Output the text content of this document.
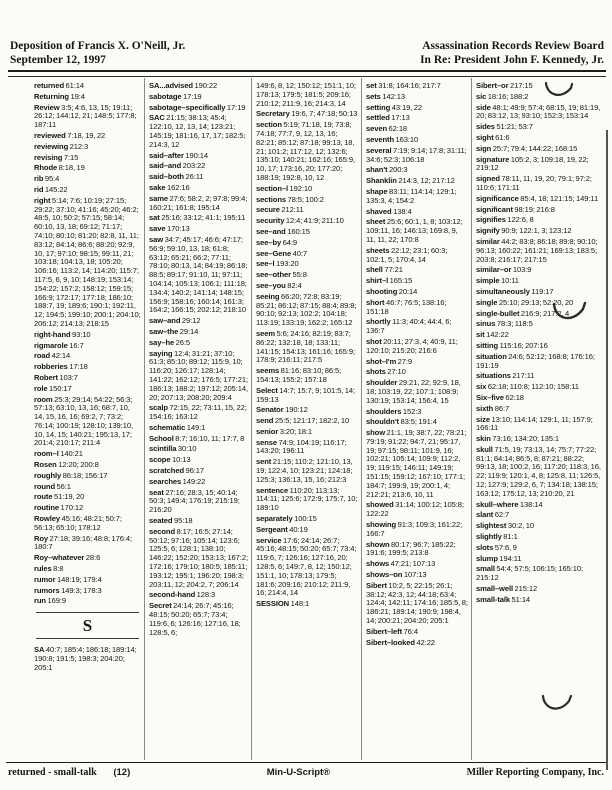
Deposition of Francis X. O'Neill, Jr.
September 12, 1997
Assassination Records Review Board
In Re: President John F. Kennedy, Jr.

returned 61:14

Returning 19:4

Review 3:5; 4:6, 13, 15; 19:11; 26:12; 144:12, 21; 148:5; 177:8; 187:11

reviewed 7:18, 19, 22

reviewing 212:3

revising 7:15

Rhode 8:18, 19

rib 95:4

rid 145:22

right 5:14; 7:6; 10:19; 27:15; 29:22; 37:10; 41:16; 45:20; 46:2; 48:5, 10; 50:2; 57:15; 58:14; 60:10, 13, 18; 69:12; 71:17; 74:10; 80:10; 81:20; 82:8, 11, 11; 83:12; 84:14; 86:6; 88:20; 92:9, 10, 17; 97:10; 98:15; 99:11, 21; 103:18; 104:13, 18; 105:20; 106:16; 113:2, 14; 114:20; 115:7; 117:5, 6, 9, 10; 148:19; 153:14; 154:22; 157:2; 158:12; 159:15; 166:9; 172:17; 177:18; 186:10; 188:7, 19; 189:6; 190:1; 192:11, 12; 194:5; 199:10; 200:1; 204:10; 206:12; 214:13; 218:15

right-hand 93:10

rigmarole 16:7

road 42:14

robberies 17:18

Robert 103:7

role 150:17

room 25:3; 29:14; 54:22; 56:3; 57:13; 63:10, 13, 16; 68:7, 10, 14, 15, 16, 16; 69:2, 7; 73:2; 76:14; 100:19; 128:10; 139:10, 10, 14, 15; 140:21; 195:13, 17; 201:4; 210:17; 211:4

room–l 140:21

Rosen 12:20; 200:8

roughly 86:18; 156:17

round 56:1

route 51:19, 20

routine 170:12

Rowley 45:16; 48:21; 50:7; 56:13; 65:10; 178:12

Roy 27:18; 39:16; 48:8; 176:4; 180:7

Roy–whatever 28:6

rules 8:8

rumor 148:19; 179:4

rumors 149:3; 178:3

run 169:9

S

SA 40:7; 185:4; 186:18; 189:14; 190:8; 191:5; 198:3; 204:20; 205:1

SA...advised 190:22

sabotage 17:19

sabotage–specifically 17:19

SAC 21:15; 38:13; 45:4; 122:10, 12, 13, 14; 123:21; 145:19; 181:16, 17, 17; 182:5; 214:3, 12

said–after 190:14

said–and 203:22

said–both 26:11

sake 162:16

same 27:6; 58:2, 2; 97:8; 99:4; 160:21; 161:8; 195:14

sat 25:16; 33:12; 41:1; 195:11

save 170:13

saw 34:7; 45:17; 46:6; 47:17; 56:9; 59:10, 13, 18; 61:8; 63:12; 65:21; 66:2; 77:11; 78:10; 80:13, 14; 84:19; 86:18; 88:5; 89:17; 91:10, 11; 97:11; 104:14; 105:13; 106:1; 111:18; 134:4; 140:2; 141:14; 148:15; 156:9; 158:16; 160:14; 161:3; 164:2; 166:15; 202:12; 218:10

saw–and 29:12

saw–the 29:14

say–he 26:5

saying 12:4; 31:21; 37:10; 61:3; 85:10; 89:12; 115:9, 10; 116:20; 126:17; 128:14; 141:22; 162:12; 176:5; 177:21; 186:13; 188:2; 197:12; 205:14, 20; 207:13; 208:20; 209:4

scalp 72:15, 22; 73:11, 15, 22; 154:16; 163:12

schematic 149:1

School 8:7; 16:10, 11; 17:7, 8

scintilla 30:10

scope 10:13

scratched 96:17

searches 149:22

seat 27:16; 28:3, 15; 40:14; 50:3; 149:4; 176:19; 215:19; 216:20

seated 95:18

second 8:17; 16:5; 27:14; 50:12; 97:16; 105:14; 123:6; 125:5, 6; 128:1; 138:10; 146:22; 152:20; 153:13; 167:2; 172:16; 179:10; 180:5; 185:11; 193:12; 195:1; 196:20; 198:3; 203:11, 12; 204:2, 7; 206:14

second-hand 128:3

Secret 24:14; 26:7; 45:16; 48:15; 50:20; 65:7; 73:4; 119:6, 6; 126:16; 127:16, 18; 128:5, 6;

149:6, 8, 12; 150:12; 151:1, 10; 178:13; 179:5; 181:5; 209:16; 210:12; 211:9, 16; 214:3, 14

Secretary 19:6, 7; 47:18; 50:13

section 5:19; 71:18, 19; 73:8; 74:18; 77:7, 9, 12, 13, 16; 82:21; 85:12; 87:18; 99:13, 18, 21; 101:2; 117:12, 12; 132:6; 135:10; 140:21; 162:16; 165:9, 10, 17; 173:16, 20; 177:20; 188:19; 192:8, 10, 12

section–l 192:10

sections 78:5; 100:2

secure 212:11

security 12:4; 41:9; 211:10

see–and 160:15

see–by 64:9

see–Gene 40:7

see–l 193:20

see–other 55:8

see–you 82:4

seeing 66:20; 72:8; 83:19; 85:21; 86:12; 87:15; 88:4; 89:8; 90:10; 92:13; 102:2; 104:18; 113:19; 133:19; 162:2; 165:12

seem 5:6; 24:16; 82:19; 83:7; 86:22; 132:18, 18; 133:11; 141:15; 154:13; 161:16; 165:9; 178:9; 216:11; 217:5

seems 81:16; 83:10; 86:5; 154:13; 155:2; 157:18

Select 14:7; 15:7, 9; 101:5, 14; 159:13

Senator 190:12

send 25:5; 121:17; 182:2, 10

senior 3:20; 18:1

sense 74:9; 104:19; 116:17; 143:20; 196:11

sent 21:15; 110:2; 121:10, 13, 19; 122:4, 10; 123:21; 124:18; 125:3; 136:13, 15, 16; 212:3

sentence 110:20; 113:13; 114:11; 125:6; 172:9; 175:7, 10; 189:10

separately 100:15

Sergeant 40:19

service 17:6; 24:14; 26:7; 45:16; 48:15; 50:20; 65:7; 73:4; 119:6, 7; 126:16; 127:16, 20; 128:5, 6; 149:7, 8, 12; 150:12; 151:1, 10; 178:13; 179:5; 181:6; 209:16; 210:12; 211:9, 16; 214:4, 14

SESSION 148:1

set 31:8; 164:16; 217:7

sets 142:13

setting 43:19, 22

settled 17:13

seven 62:18

seventh 163:10

several 7:19; 9:14; 17:8; 31:11; 34:6; 52:3; 106:18

shan't 200:3

Shanklin 214:3, 12; 217:12

shape 83:11; 114:14; 129:1; 135:3, 4; 154:2

shaved 138:4

sheet 25:6; 60:1, 1, 8; 103:12; 109:11, 16; 146:13; 169:8, 9, 11, 11, 22; 170:8

sheets 22:12; 23:1; 60:3; 102:1, 5; 170:4, 14

shell 77:21

shirt–l 165:15

shooting 20:14

short 46:7; 76:5; 138:16; 151:18

shortly 11:3; 40:4; 44:4, 6; 136:7

shot 20:11; 27:3, 4; 40:9, 11; 120:10; 215:20; 216:6

shot–I'm 27:9

shots 27:10

shoulder 29:21, 22; 92:9, 18, 18; 103:19, 22; 107:1; 108:9; 130:19; 153:14; 156:4, 15

shoulders 152:3

shouldn't 83:5; 191:4

show 21:1, 19; 38:7, 22; 78:21; 79:19; 91:22; 94:7, 21; 95:17, 19; 97:15; 98:11; 101:9, 16; 102:21; 105:14; 109:9; 112:2, 19; 119:15; 146:11; 149:19; 151:15; 159:12; 167:10; 177:1; 184:7; 199:9, 19; 200:1, 4; 212:21; 213:6, 10, 11

showed 31:14; 100:12; 105:8; 122:22

showing 91:3; 109:3; 161:22; 166:7

shown 80:17; 96:7; 185:22; 191:6; 199:5; 213:8

shows 47:21; 107:13

shows–on 107:13

Sibert 10:2, 5; 22:15; 26:1; 38:12; 42:3, 12; 44:18; 63:4; 124:4; 142:11; 174:16; 185:5, 8; 186:21; 189:14; 190:9; 198:4, 14; 200:21; 204:20; 205:1

Sibert–left 76:4

Sibert–looked 42:22

Sibert–or 217:15

sic 18:16; 188:2

side 48:1; 49:9; 57:4; 68:15, 19; 81:19, 20; 83:12, 13; 93:10; 152:3; 153:14

sides 51:21; 53:7

sight 61:6

sign 25:7; 79:4; 144:22; 168:15

signature 105:2, 3; 109:18, 19, 22; 219:12

signed 78:11, 11, 19, 20; 79:1; 97:2; 110:6; 171:11

significance 85:4, 18; 121:15; 149:11

significant 98:19; 216:8

signifies 122:6, 8

signify 90:9; 122:1, 3; 123:12

similar 44:2; 83:8; 86:18; 89:8; 90:10; 96:13; 160:22; 161:21; 169:13; 183:5; 203:8; 216:17; 217:15

similar–or 103:9

simple 10:11

simultaneously 119:17

single 25:10; 29:13; 52:20, 20

single-bullet 216:9; 217:2, 4

sinus 78:3; 118:5

sit 142:22

sitting 115:16; 207:16

situation 24:6; 52:12; 168:8; 176:16; 191:19

situations 217:11

six 62:18; 110:8; 112:10; 158:11

Six–five 62:18

sixth 86:7

size 13:10; 114:14; 129:1, 11; 157:9; 166:11

skin 73:16; 134:20; 135:1

skull 71:5, 19; 73:13, 14; 75:7; 77:22; 81:1; 84:14; 86:5, 8; 87:21; 88:22; 99:13, 18; 100:2, 16; 117:20; 118:3, 16, 22; 119:9; 120:1, 4, 8; 125:8, 11; 126:5, 12; 127:9; 129:2, 6, 7; 134:18; 138:15; 163:12; 175:12, 13; 210:20, 21

skull–where 138:14

slant 62:7

slightest 30:2, 10

slightly 81:1

slots 57:6, 9

slump 194:11

small 54:4; 57:5; 106:15; 165:10; 215:12

small–well 215:12

small-talk 51:14

returned - small-talk (12)	Min-U-Script®	Miller Reporting Company, Inc.
